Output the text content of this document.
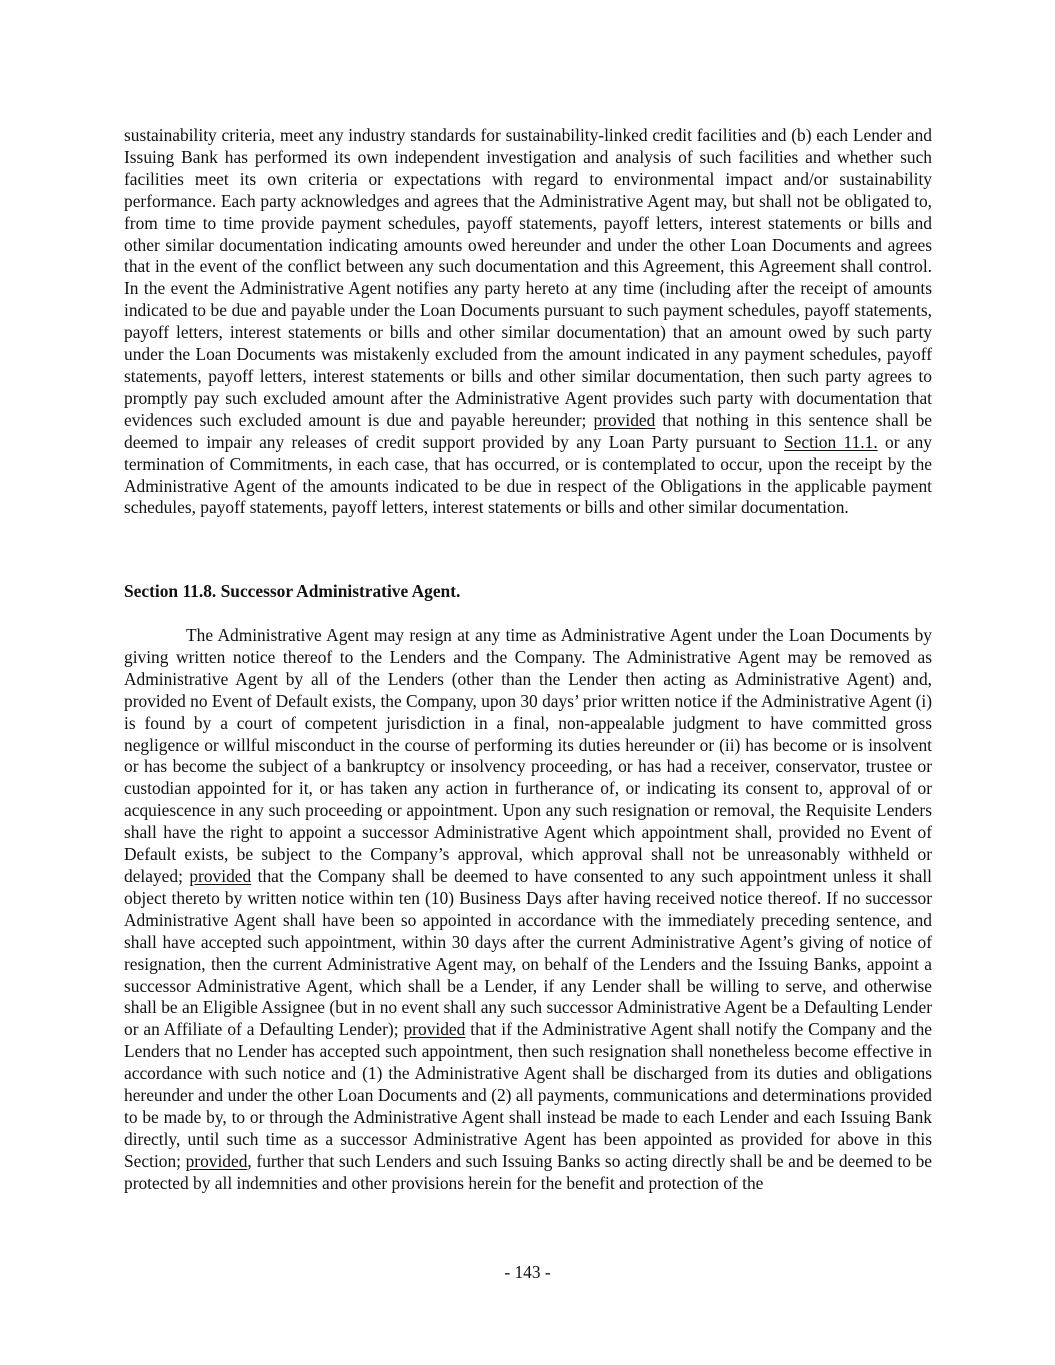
sustainability criteria, meet any industry standards for sustainability-linked credit facilities and (b) each Lender and Issuing Bank has performed its own independent investigation and analysis of such facilities and whether such facilities meet its own criteria or expectations with regard to environmental impact and/or sustainability performance. Each party acknowledges and agrees that the Administrative Agent may, but shall not be obligated to, from time to time provide payment schedules, payoff statements, payoff letters, interest statements or bills and other similar documentation indicating amounts owed hereunder and under the other Loan Documents and agrees that in the event of the conflict between any such documentation and this Agreement, this Agreement shall control. In the event the Administrative Agent notifies any party hereto at any time (including after the receipt of amounts indicated to be due and payable under the Loan Documents pursuant to such payment schedules, payoff statements, payoff letters, interest statements or bills and other similar documentation) that an amount owed by such party under the Loan Documents was mistakenly excluded from the amount indicated in any payment schedules, payoff statements, payoff letters, interest statements or bills and other similar documentation, then such party agrees to promptly pay such excluded amount after the Administrative Agent provides such party with documentation that evidences such excluded amount is due and payable hereunder; provided that nothing in this sentence shall be deemed to impair any releases of credit support provided by any Loan Party pursuant to Section 11.1. or any termination of Commitments, in each case, that has occurred, or is contemplated to occur, upon the receipt by the Administrative Agent of the amounts indicated to be due in respect of the Obligations in the applicable payment schedules, payoff statements, payoff letters, interest statements or bills and other similar documentation.
Section 11.8. Successor Administrative Agent.
The Administrative Agent may resign at any time as Administrative Agent under the Loan Documents by giving written notice thereof to the Lenders and the Company. The Administrative Agent may be removed as Administrative Agent by all of the Lenders (other than the Lender then acting as Administrative Agent) and, provided no Event of Default exists, the Company, upon 30 days’ prior written notice if the Administrative Agent (i) is found by a court of competent jurisdiction in a final, non-appealable judgment to have committed gross negligence or willful misconduct in the course of performing its duties hereunder or (ii) has become or is insolvent or has become the subject of a bankruptcy or insolvency proceeding, or has had a receiver, conservator, trustee or custodian appointed for it, or has taken any action in furtherance of, or indicating its consent to, approval of or acquiescence in any such proceeding or appointment. Upon any such resignation or removal, the Requisite Lenders shall have the right to appoint a successor Administrative Agent which appointment shall, provided no Event of Default exists, be subject to the Company’s approval, which approval shall not be unreasonably withheld or delayed; provided that the Company shall be deemed to have consented to any such appointment unless it shall object thereto by written notice within ten (10) Business Days after having received notice thereof. If no successor Administrative Agent shall have been so appointed in accordance with the immediately preceding sentence, and shall have accepted such appointment, within 30 days after the current Administrative Agent’s giving of notice of resignation, then the current Administrative Agent may, on behalf of the Lenders and the Issuing Banks, appoint a successor Administrative Agent, which shall be a Lender, if any Lender shall be willing to serve, and otherwise shall be an Eligible Assignee (but in no event shall any such successor Administrative Agent be a Defaulting Lender or an Affiliate of a Defaulting Lender); provided that if the Administrative Agent shall notify the Company and the Lenders that no Lender has accepted such appointment, then such resignation shall nonetheless become effective in accordance with such notice and (1) the Administrative Agent shall be discharged from its duties and obligations hereunder and under the other Loan Documents and (2) all payments, communications and determinations provided to be made by, to or through the Administrative Agent shall instead be made to each Lender and each Issuing Bank directly, until such time as a successor Administrative Agent has been appointed as provided for above in this Section; provided, further that such Lenders and such Issuing Banks so acting directly shall be and be deemed to be protected by all indemnities and other provisions herein for the benefit and protection of the
- 143 -
